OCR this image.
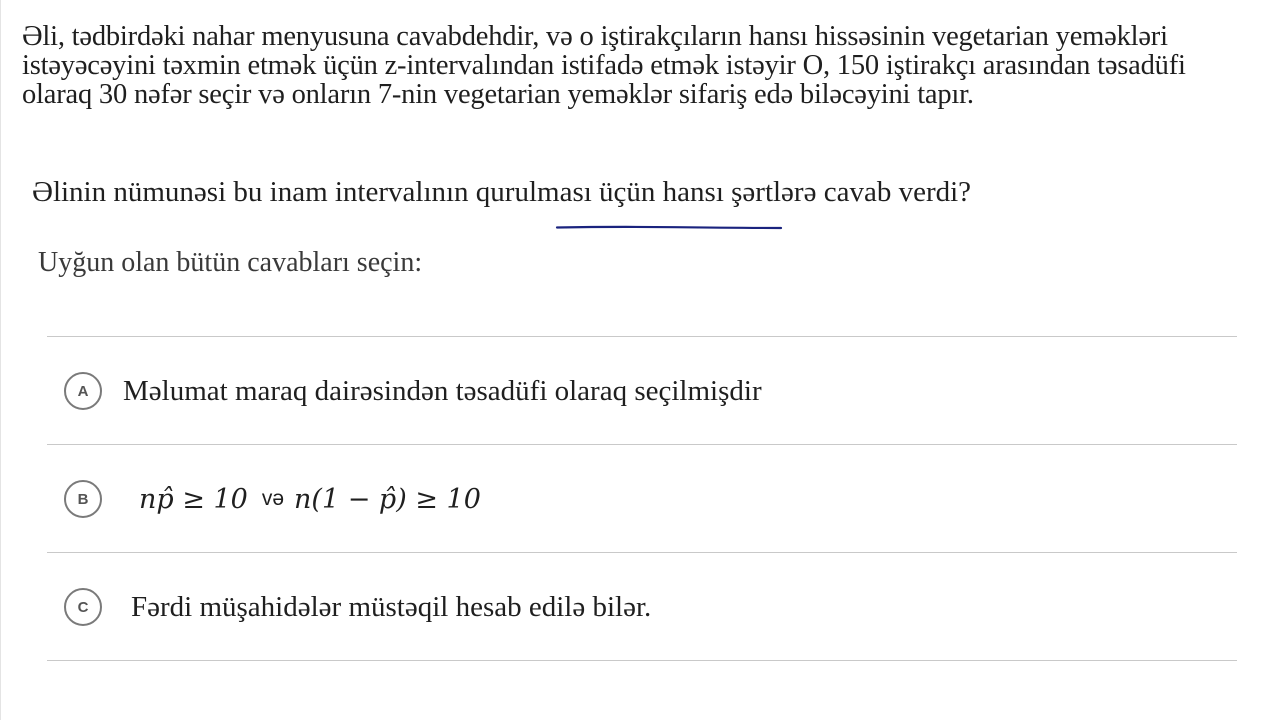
Əli, tədbirdəki nahar menyusuna cavabdehdir, və o iştirakçıların hansı hissəsinin vegetarian yeməkləri istəyəcəyini təxmin etmək üçün z-intervalından istifadə etmək istəyir O, 150 iştirakçı arasından təsadüfi olaraq 30 nəfər seçir və onların 7-nin vegetarian yeməklər sifariş edə biləcəyini tapır.

Əlinin nümunəsi bu inam intervalının qurulması üçün hansı şərtlərə cavab verdi?

Uyğun olan bütün cavabları seçin:

A	Məlumat maraq dairəsindən təsadüfi olaraq seçilmişdir
B	np̂ ≥ 10 və n(1 − p̂) ≥ 10
C	Fərdi müşahidələr müstəqil hesab edilə bilər.
